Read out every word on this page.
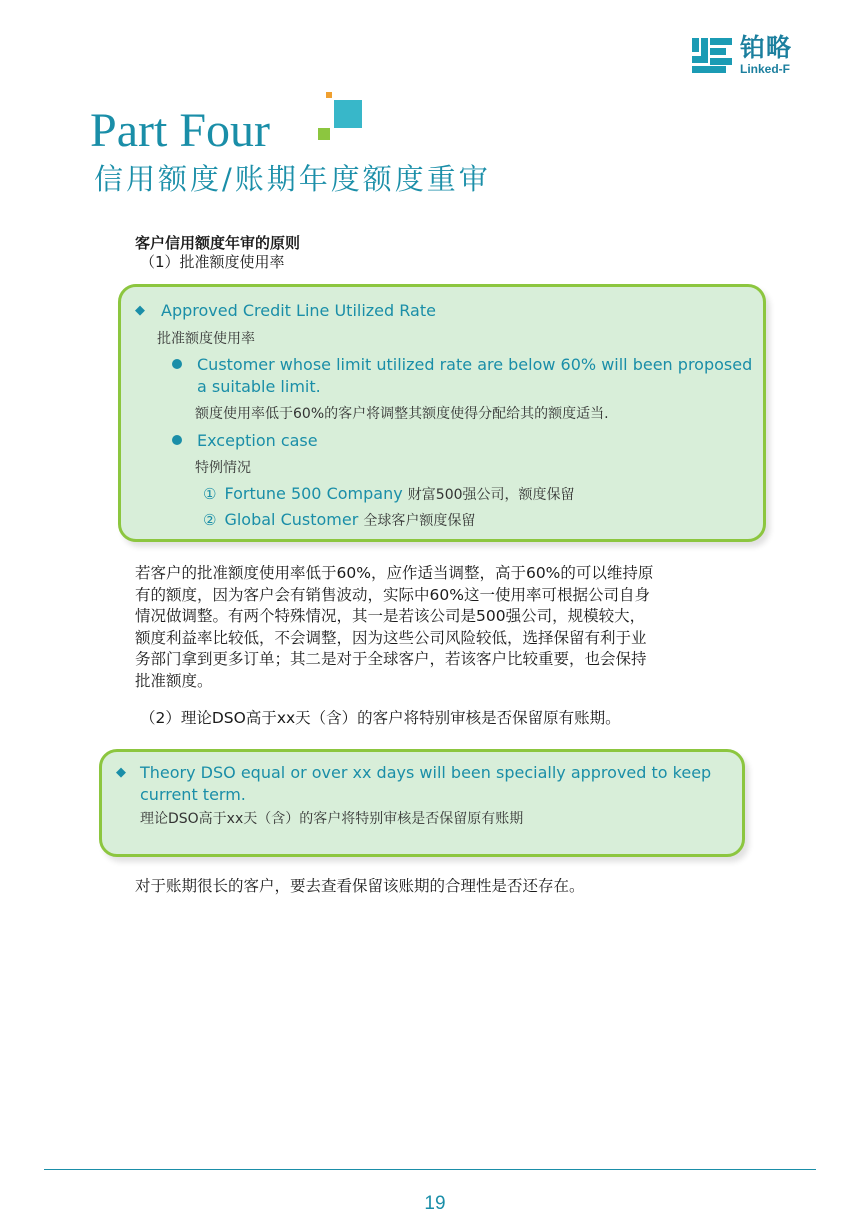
铂略
Linked-F
Part Four
信用额度/账期年度额度重审
客户信用额度年审的原则
（1）批准额度使用率
◆ Approved Credit Line Utilized Rate
批准额度使用率
Customer whose limit utilized rate are below 60% will been proposed
a suitable limit.
额度使用率低于60%的客户将调整其额度使得分配给其的额度适当.
Exception case
特例情况
① Fortune 500 Company 财富500强公司，额度保留
② Global Customer 全球客户额度保留

若客户的批准额度使用率低于60%，应作适当调整，高于60%的可以维持原

有的额度，因为客户会有销售波动，实际中60%这一使用率可根据公司自身

情况做调整。有两个特殊情况，其一是若该公司是500强公司，规模较大，

额度利益率比较低，不会调整，因为这些公司风险较低，选择保留有利于业

务部门拿到更多订单；其二是对于全球客户，若该客户比较重要，也会保持

批准额度。

（2）理论DSO高于xx天（含）的客户将特别审核是否保留原有账期。
◆ Theory DSO equal or over xx days will been specially approved to keep
current term.
理论DSO高于xx天（含）的客户将特别审核是否保留原有账期
对于账期很长的客户，要去查看保留该账期的合理性是否还存在。
19
